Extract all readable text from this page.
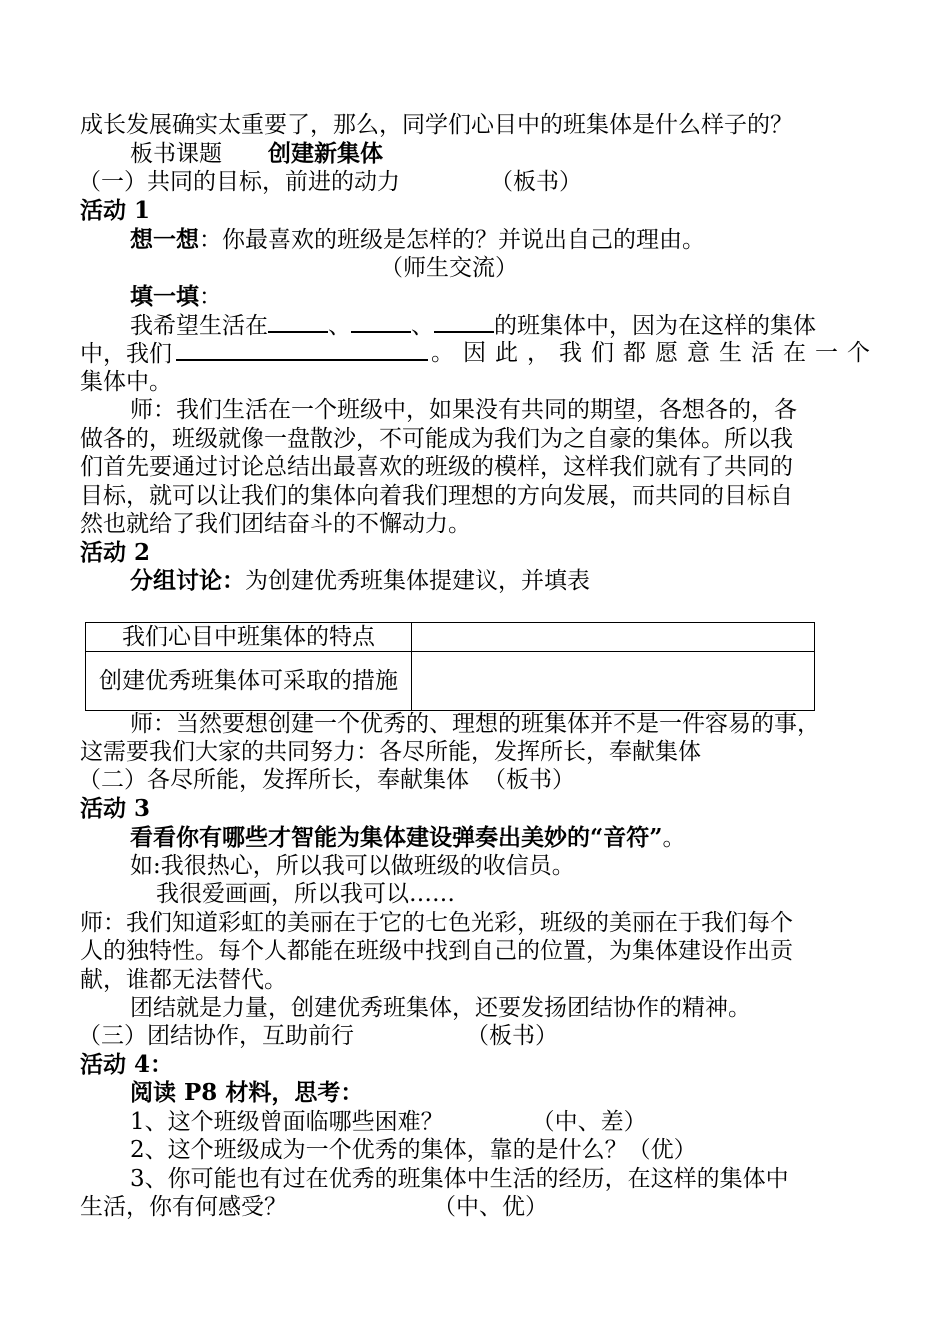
成长发展确实太重要了，那么，同学们心目中的班集体是什么样子的？
板书课题 创建新集体
（一）共同的目标，前进的动力	（板书）
活动 1
想一想：你最喜欢的班级是怎样的？并说出自己的理由。
（师生交流）
填一填：
我希望生活在	、	、	的班集体中，因为在这样的集体
中，我们	。因此，我们都愿意生活在一个
集体中。
师：我们生活在一个班级中，如果没有共同的期望，各想各的，各
做各的，班级就像一盘散沙，不可能成为我们为之自豪的集体。所以我
们首先要通过讨论总结出最喜欢的班级的模样，这样我们就有了共同的
目标，就可以让我们的集体向着我们理想的方向发展，而共同的目标自
然也就给了我们团结奋斗的不懈动力。
活动 2
分组讨论：为创建优秀班集体提建议，并填表
我们心目中班集体的特点	
创建优秀班集体可采取的措施	
师：当然要想创建一个优秀的、理想的班集体并不是一件容易的事，
这需要我们大家的共同努力：各尽所能，发挥所长，奉献集体
（二）各尽所能，发挥所长，奉献集体 （板书）
活动 3
看看你有哪些才智能为集体建设弹奏出美妙的“音符”。
如:我很热心，所以我可以做班级的收信员。
我很爱画画，所以我可以……
师：我们知道彩虹的美丽在于它的七色光彩，班级的美丽在于我们每个
人的独特性。每个人都能在班级中找到自己的位置，为集体建设作出贡
献，谁都无法替代。
团结就是力量，创建优秀班集体，还要发扬团结协作的精神。
（三）团结协作，互助前行	（板书）
活动 4：
阅读 P8 材料，思考：
1、这个班级曾面临哪些困难？	（中、差）
2、这个班级成为一个优秀的集体，靠的是什么？（优）
3、你可能也有过在优秀的班集体中生活的经历，在这样的集体中
生活，你有何感受？	（中、优）
